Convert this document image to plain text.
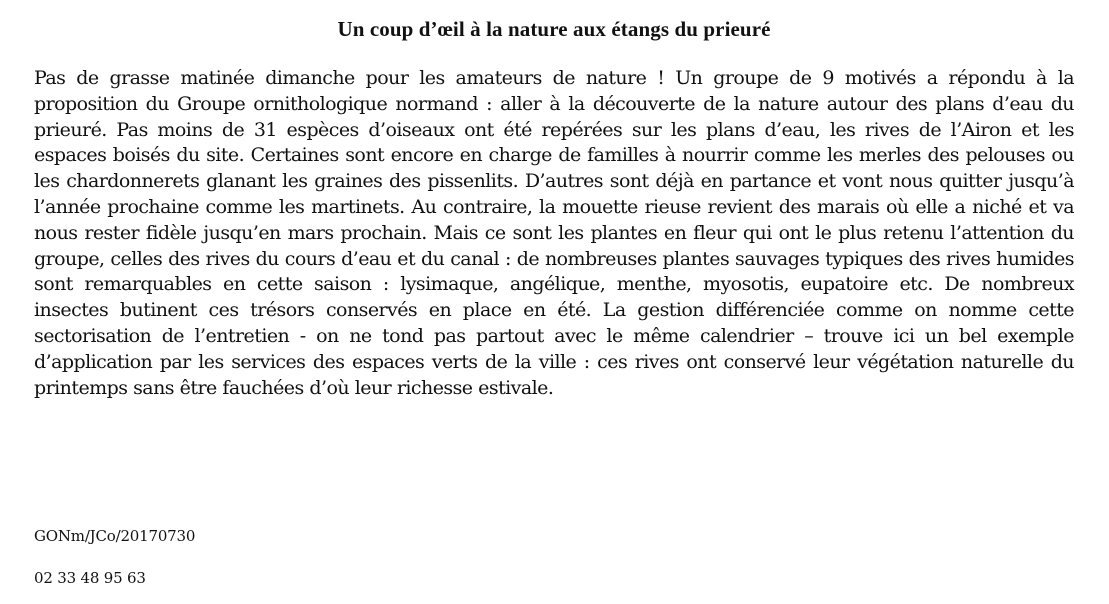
Un coup d’œil à la nature aux étangs du prieuré

Pas de grasse matinée dimanche pour les amateurs de nature ! Un groupe de 9 motivés a répondu à la proposition du Groupe ornithologique normand : aller à la découverte de la nature autour des plans d’eau du prieuré. Pas moins de 31 espèces d’oiseaux ont été repérées sur les plans d’eau, les rives de l’Airon et les espaces boisés du site. Certaines sont encore en charge de familles à nourrir comme les merles des pelouses ou les chardonnerets glanant les graines des pissenlits. D’autres sont déjà en partance et vont nous quitter jusqu’à l’année prochaine comme les martinets. Au contraire, la mouette rieuse revient des marais où elle a niché et va nous rester fidèle jusqu’en mars prochain. Mais ce sont les plantes en fleur qui ont le plus retenu l’attention du groupe, celles des rives du cours d’eau et du canal : de nombreuses plantes sauvages typiques des rives humides sont remarquables en cette saison : lysimaque, angélique, menthe, myosotis, eupatoire etc. De nombreux insectes butinent ces trésors conservés en place en été. La gestion différenciée comme on nomme cette sectorisation de l’entretien - on ne tond pas partout avec le même calendrier – trouve ici un bel exemple d’application par les services des espaces verts de la ville : ces rives ont conservé leur végétation naturelle du printemps sans être fauchées d’où leur richesse estivale.

GONm/JCo/20170730

02 33 48 95 63
